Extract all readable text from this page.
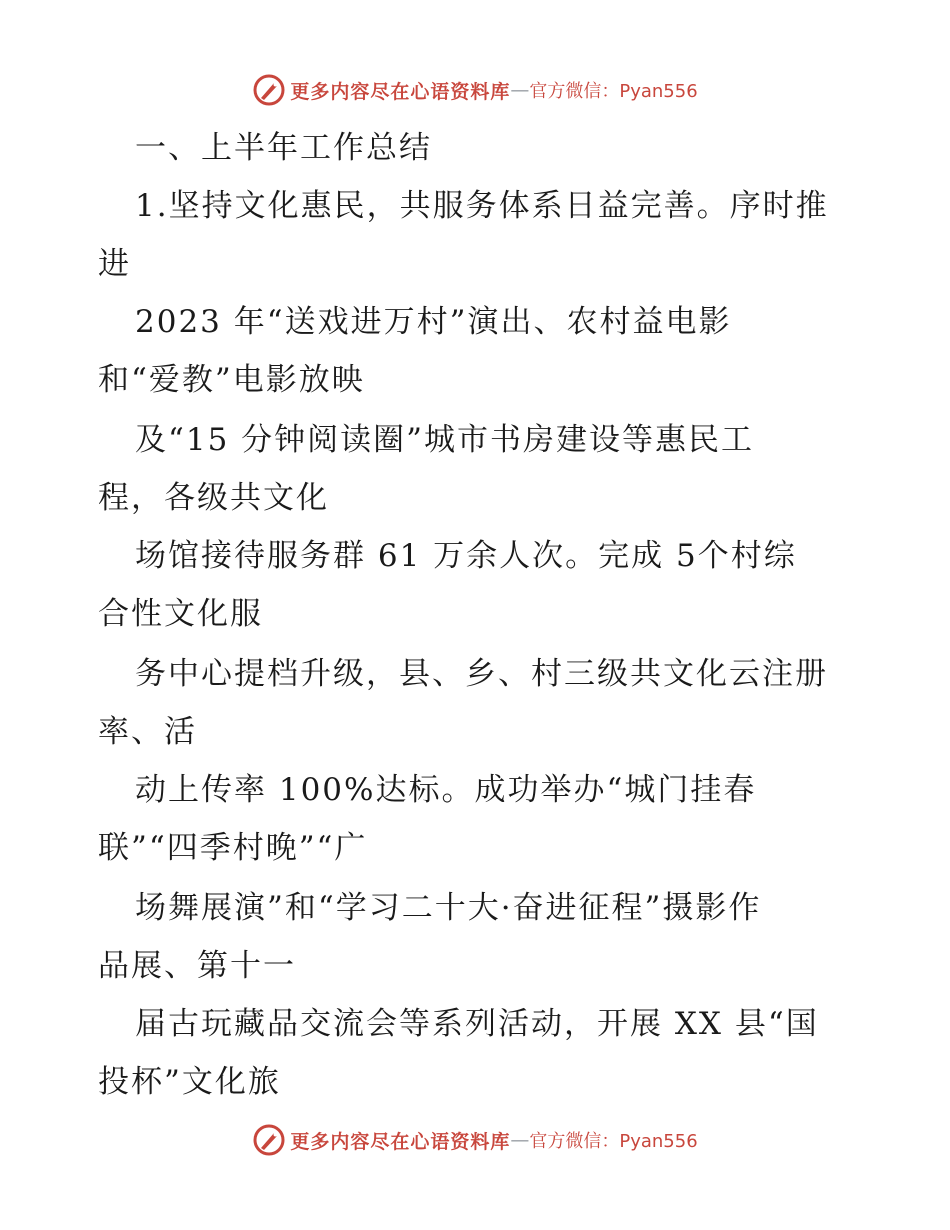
更多内容尽在心语资料库 — 官方微信：Pyan556
一、上半年工作总结
1.坚持文化惠民，共服务体系日益完善。序时推
进
2023 年“送戏进万村”演出、农村益电影
和“爱教”电影放映
及“15 分钟阅读圈”城市书房建设等惠民工
程，各级共文化
场馆接待服务群 61 万余人次。完成 5个村综
合性文化服
务中心提档升级，县、乡、村三级共文化云注册
率、活
动上传率 100%达标。成功举办“城门挂春
联”“四季村晚”“广
场舞展演”和“学习二十大·奋进征程”摄影作
品展、第十一
届古玩藏品交流会等系列活动，开展 XX 县“国
投杯”文化旅
更多内容尽在心语资料库 — 官方微信：Pyan556
